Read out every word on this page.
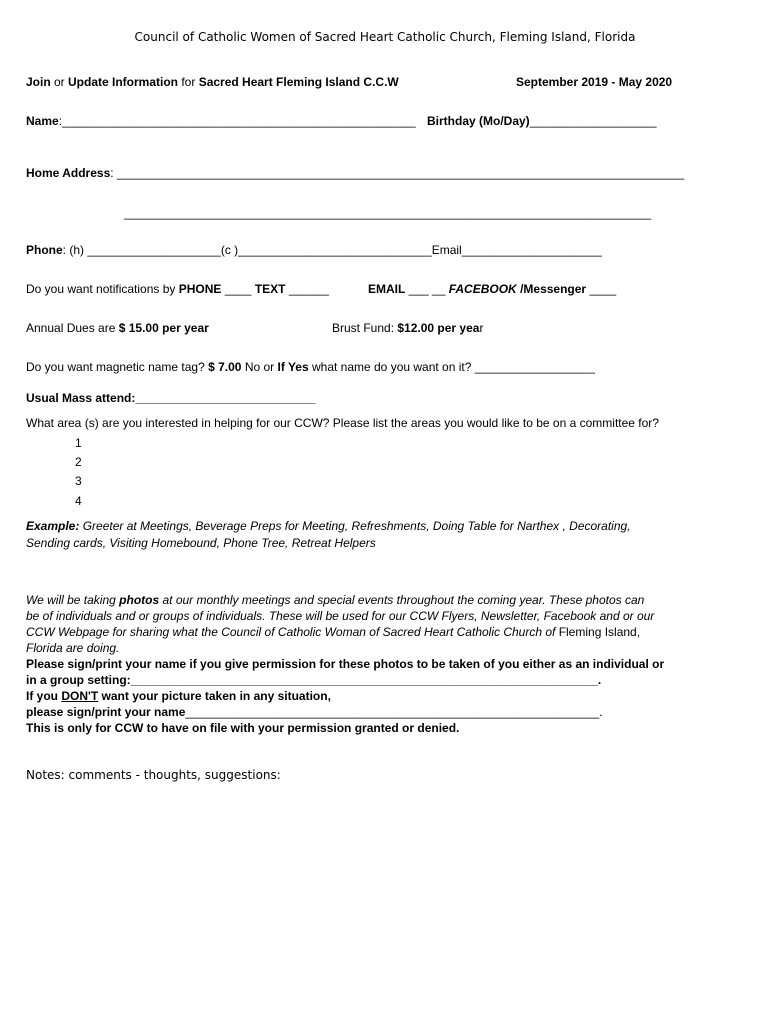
Council of Catholic Women of Sacred Heart Catholic Church, Fleming Island, Florida
Join or Update Information for Sacred Heart Fleming Island C.C.W	September 2019 - May 2020
Name:_____________________________________________________ Birthday (Mo/Day)___________________
Home Address: _____________________________________________________________________________________
_______________________________________________________________________________
Phone: (h) ____________________(c )_____________________________Email_____________________
Do you want notifications by PHONE ____ TEXT ______	EMAIL ___ __ FACEBOOK /Messenger ____
Annual Dues are $ 15.00 per year	Brust Fund: $12.00 per year
Do you want magnetic name tag? $ 7.00 No or If Yes what name do you want on it? __________________
Usual Mass attend:___________________________
What area (s) are you interested in helping for our CCW? Please list the areas you would like to be on a committee for?
1
2
3
4
Example: Greeter at Meetings, Beverage Preps for Meeting, Refreshments, Doing Table for Narthex , Decorating,
Sending cards, Visiting Homebound, Phone Tree, Retreat Helpers
We will be taking photos at our monthly meetings and special events throughout the coming year. These photos can
be of individuals and or groups of individuals. These will be used for our CCW Flyers, Newsletter, Facebook and or our
CCW Webpage for sharing what the Council of Catholic Woman of Sacred Heart Catholic Church of Fleming Island,
Florida are doing.
Please sign/print your name if you give permission for these photos to be taken of you either as an individual or
in a group setting:______________________________________________________________________.
If you DON'T want your picture taken in any situation,
please sign/print your name______________________________________________________________.
This is only for CCW to have on file with your permission granted or denied.
Notes: comments - thoughts, suggestions:
